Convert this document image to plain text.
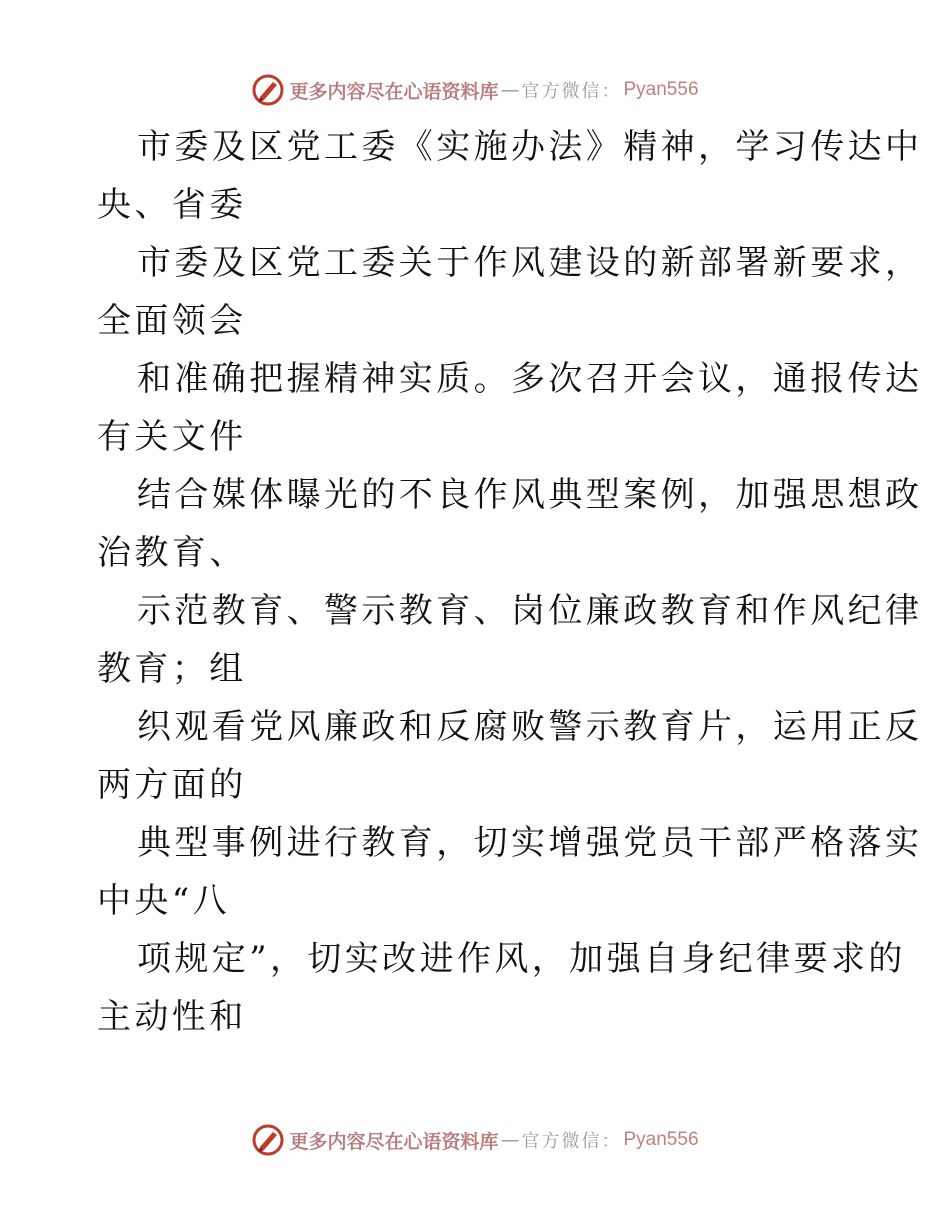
更多内容尽在心语资料库 — 官方微信： Pyan556
市委及区党工委《实施办法》精神，学习传达中
央、省委
市委及区党工委关于作风建设的新部署新要求，
全面领会
和准确把握精神实质。多次召开会议，通报传达
有关文件
结合媒体曝光的不良作风典型案例，加强思想政
治教育、
示范教育、警示教育、岗位廉政教育和作风纪律
教育；组
织观看党风廉政和反腐败警示教育片，运用正反
两方面的
典型事例进行教育，切实增强党员干部严格落实
中央“八
项规定”，切实改进作风，加强自身纪律要求的
主动性和
更多内容尽在心语资料库 — 官方微信： Pyan556
